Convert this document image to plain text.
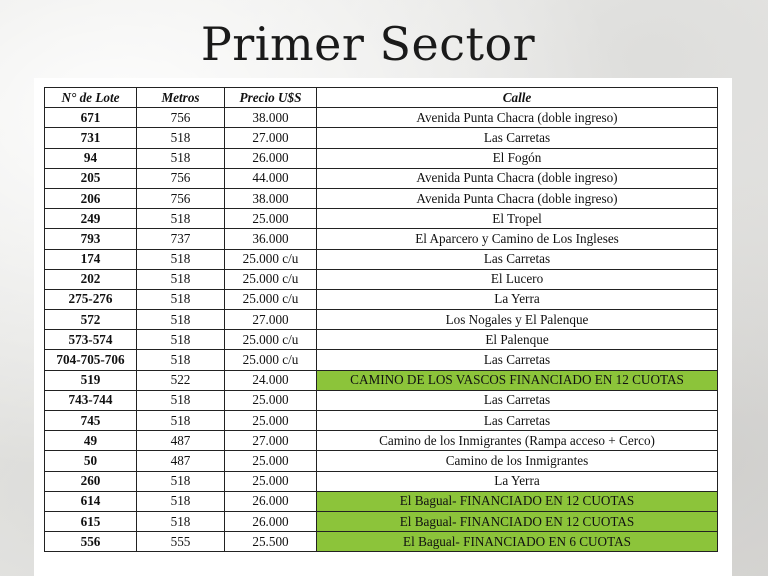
Primer Sector
N° de Lote	Metros	Precio U$S	Calle
671	756	38.000	Avenida Punta Chacra (doble ingreso)
731	518	27.000	Las Carretas
94	518	26.000	El Fogón
205	756	44.000	Avenida Punta Chacra (doble ingreso)
206	756	38.000	Avenida Punta Chacra (doble ingreso)
249	518	25.000	El Tropel
793	737	36.000	El Aparcero y Camino de Los Ingleses
174	518	25.000 c/u	Las Carretas
202	518	25.000 c/u	El Lucero
275-276	518	25.000 c/u	La Yerra
572	518	27.000	Los Nogales y El Palenque
573-574	518	25.000 c/u	El Palenque
704-705-706	518	25.000 c/u	Las Carretas
519	522	24.000	CAMINO DE LOS VASCOS FINANCIADO EN 12 CUOTAS
743-744	518	25.000	Las Carretas
745	518	25.000	Las Carretas
49	487	27.000	Camino de los Inmigrantes (Rampa acceso + Cerco)
50	487	25.000	Camino de los Inmigrantes
260	518	25.000	La Yerra
614	518	26.000	El Bagual- FINANCIADO EN 12 CUOTAS
615	518	26.000	El Bagual- FINANCIADO EN 12 CUOTAS
556	555	25.500	El Bagual- FINANCIADO EN 6 CUOTAS
